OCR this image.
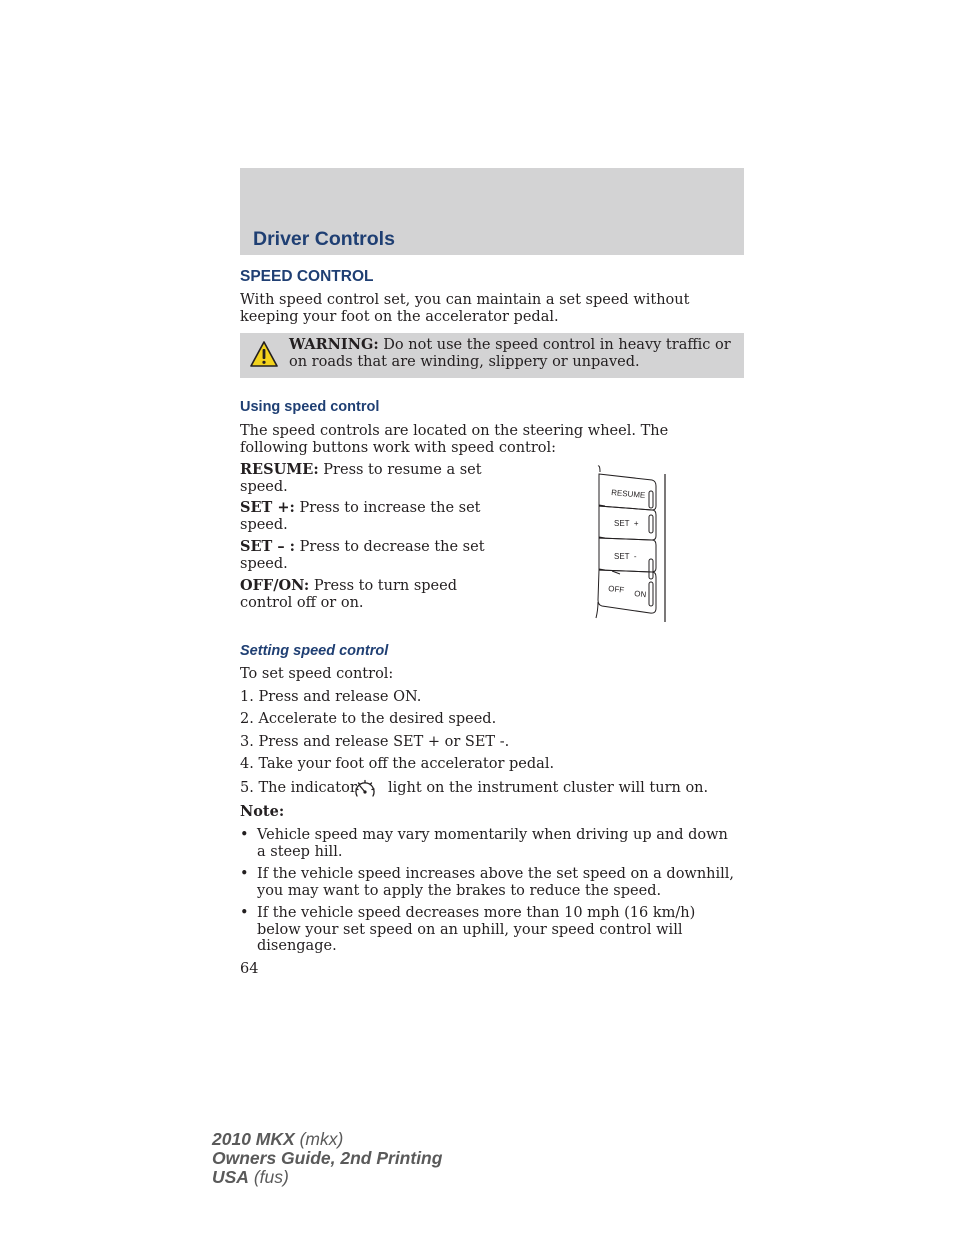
Driver Controls
SPEED CONTROL
With speed control set, you can maintain a set speed without keeping your foot on the accelerator pedal.
WARNING: Do not use the speed control in heavy traffic or on roads that are winding, slippery or unpaved.
Using speed control
The speed controls are located on the steering wheel. The following buttons work with speed control:
RESUME: Press to resume a set speed.
SET +: Press to increase the set speed.
SET – : Press to decrease the set speed.
OFF/ON: Press to turn speed control off or on.
RESUME
SET  +
SET  -
OFF ON
Setting speed control
To set speed control:
1. Press and release ON.
2. Accelerate to the desired speed.
3. Press and release SET + or SET -.
4. Take your foot off the accelerator pedal.
5. The indicator light on the instrument cluster will turn on.
Note:
• Vehicle speed may vary momentarily when driving up and down a steep hill.
• If the vehicle speed increases above the set speed on a downhill, you may want to apply the brakes to reduce the speed.
• If the vehicle speed decreases more than 10 mph (16 km/h) below your set speed on an uphill, your speed control will disengage.
64
2010 MKX (mkx)
Owners Guide, 2nd Printing
USA (fus)
